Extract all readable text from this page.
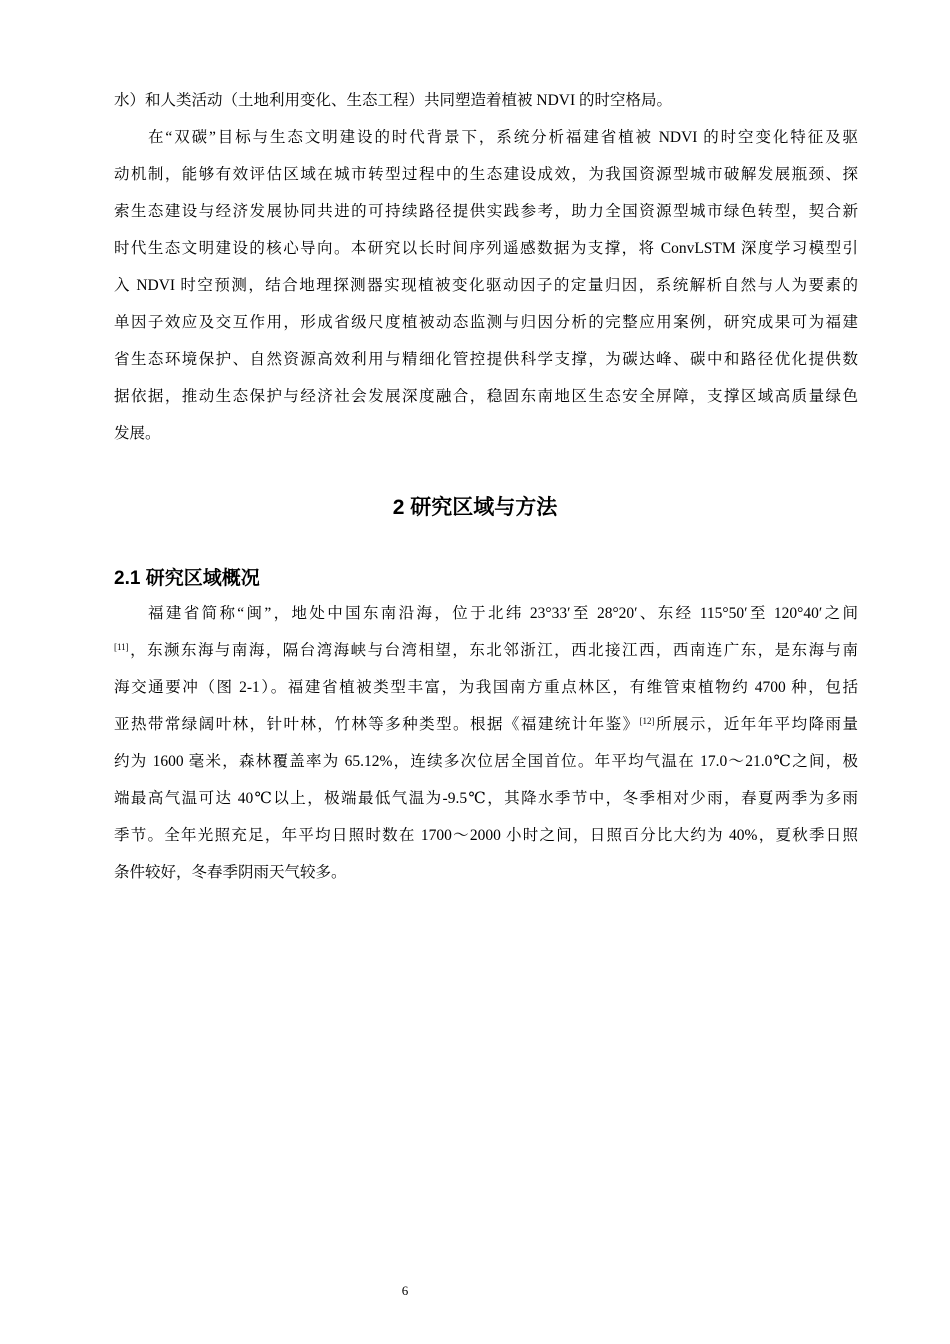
水）和人类活动（土地利用变化、生态工程）共同塑造着植被 NDVI 的时空格局。
在“双碳”目标与生态文明建设的时代背景下，系统分析福建省植被 NDVI 的时空变化特征及驱
动机制，能够有效评估区域在城市转型过程中的生态建设成效，为我国资源型城市破解发展瓶颈、探
索生态建设与经济发展协同共进的可持续路径提供实践参考，助力全国资源型城市绿色转型，契合新
时代生态文明建设的核心导向。本研究以长时间序列遥感数据为支撑，将 ConvLSTM 深度学习模型引
入 NDVI 时空预测，结合地理探测器实现植被变化驱动因子的定量归因，系统解析自然与人为要素的
单因子效应及交互作用，形成省级尺度植被动态监测与归因分析的完整应用案例，研究成果可为福建
省生态环境保护、自然资源高效利用与精细化管控提供科学支撑，为碳达峰、碳中和路径优化提供数
据依据，推动生态保护与经济社会发展深度融合，稳固东南地区生态安全屏障，支撑区域高质量绿色
发展。
2 研究区域与方法
2.1 研究区域概况
福建省简称“闽”，地处中国东南沿海，位于北纬 23°33′至 28°20′、东经 115°50′至 120°40′之间
[11]，东濒东海与南海，隔台湾海峡与台湾相望，东北邻浙江，西北接江西，西南连广东，是东海与南
海交通要冲（图 2-1）。福建省植被类型丰富，为我国南方重点林区，有维管束植物约 4700 种，包括
亚热带常绿阔叶林，针叶林，竹林等多种类型。根据《福建统计年鉴》[12]所展示，近年年平均降雨量
约为 1600 毫米，森林覆盖率为 65.12%，连续多次位居全国首位。年平均气温在 17.0～21.0℃之间，极
端最高气温可达 40℃以上，极端最低气温为-9.5℃，其降水季节中，冬季相对少雨，春夏两季为多雨
季节。全年光照充足，年平均日照时数在 1700～2000 小时之间，日照百分比大约为 40%，夏秋季日照
条件较好，冬春季阴雨天气较多。
6
